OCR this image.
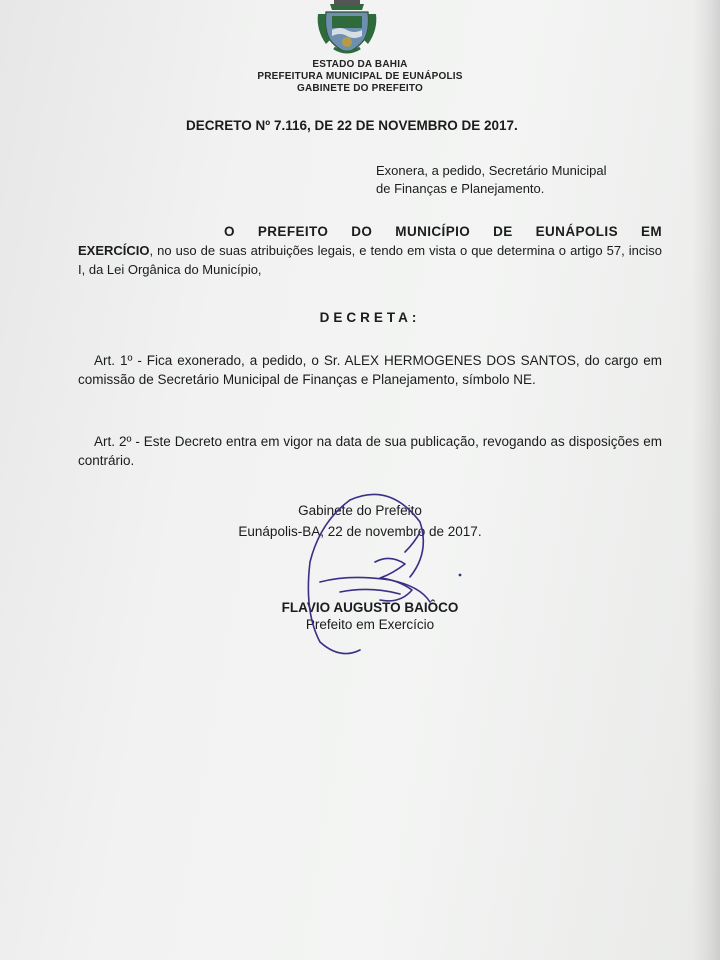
ESTADO DA BAHIA
PREFEITURA MUNICIPAL DE EUNÁPOLIS
GABINETE DO PREFEITO
DECRETO Nº 7.116, DE 22 DE NOVEMBRO DE 2017.
Exonera, a pedido, Secretário Municipal
de Finanças e Planejamento.
O PREFEITO DO MUNICÍPIO DE EUNÁPOLIS EM
EXERCÍCIO, no uso de suas atribuições legais, e tendo em vista o que determina o artigo 57, inciso I, da Lei Orgânica do Município,
DECRETA:
Art. 1º - Fica exonerado, a pedido, o Sr. ALEX HERMOGENES DOS SANTOS, do cargo em comissão de Secretário Municipal de Finanças e Planejamento, símbolo NE.
Art. 2º - Este Decreto entra em vigor na data de sua publicação, revogando as disposições em contrário.
Gabinete do Prefeito
Eunápolis-BA, 22 de novembro de 2017.
FLAVIO AUGUSTO BAIÔCO
Prefeito em Exercício
